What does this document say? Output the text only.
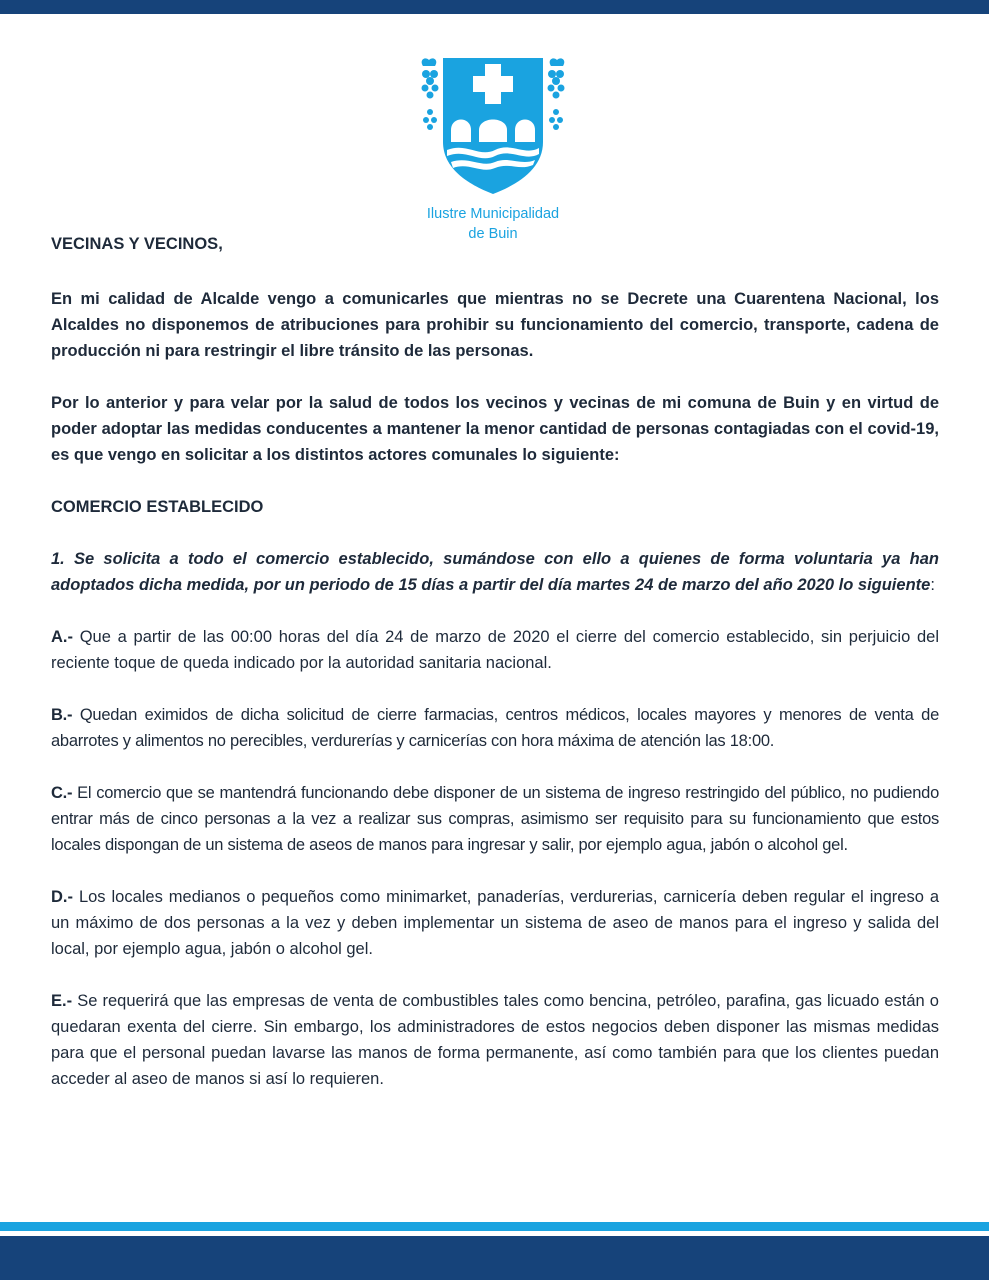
Ilustre Municipalidad
de Buin

VECINAS Y VECINOS,

En mi calidad de Alcalde vengo a comunicarles que mientras no se Decrete una Cuarentena Nacional, los Alcaldes no disponemos de atribuciones para prohibir su funcionamiento del comercio, transporte, cadena de producción ni para restringir el libre tránsito de las personas.

Por lo anterior y para velar por la salud de todos los vecinos y vecinas de mi comuna de Buin y en virtud de poder adoptar las medidas conducentes a mantener la menor cantidad de personas contagiadas con el covid-19, es que vengo en solicitar a los distintos actores comunales lo siguiente:

COMERCIO ESTABLECIDO

1. Se solicita a todo el comercio establecido, sumándose con ello a quienes de forma voluntaria ya han adoptados dicha medida, por un periodo de 15 días a partir del día martes 24 de marzo del año 2020 lo siguiente:

A.- Que a partir de las 00:00 horas del día 24 de marzo de 2020 el cierre del comercio establecido, sin perjuicio del reciente toque de queda indicado por la autoridad sanitaria nacional.

B.- Quedan eximidos de dicha solicitud de cierre farmacias, centros médicos, locales mayores y menores de venta de abarrotes y alimentos no perecibles, verdurerías y carnicerías con hora máxima de atención las 18:00.

C.- El comercio que se mantendrá funcionando debe disponer de un sistema de ingreso restringido del público, no pudiendo entrar más de cinco personas a la vez a realizar sus compras, asimismo ser requisito para su funcionamiento que estos locales dispongan de un sistema de aseos de manos para ingresar y salir, por ejemplo agua, jabón o alcohol gel.

D.- Los locales medianos o pequeños como minimarket, panaderías, verdurerias, carnicería deben regular el ingreso a un máximo de dos personas a la vez y deben implementar un sistema de aseo de manos para el ingreso y salida del local, por ejemplo agua, jabón o alcohol gel.

E.- Se requerirá que las empresas de venta de combustibles tales como bencina, petróleo, parafina, gas licuado están o quedaran exenta del cierre. Sin embargo, los administradores de estos negocios deben disponer las mismas medidas para que el personal puedan lavarse las manos de forma permanente, así como también para que los clientes puedan acceder al aseo de manos si así lo requieren.
